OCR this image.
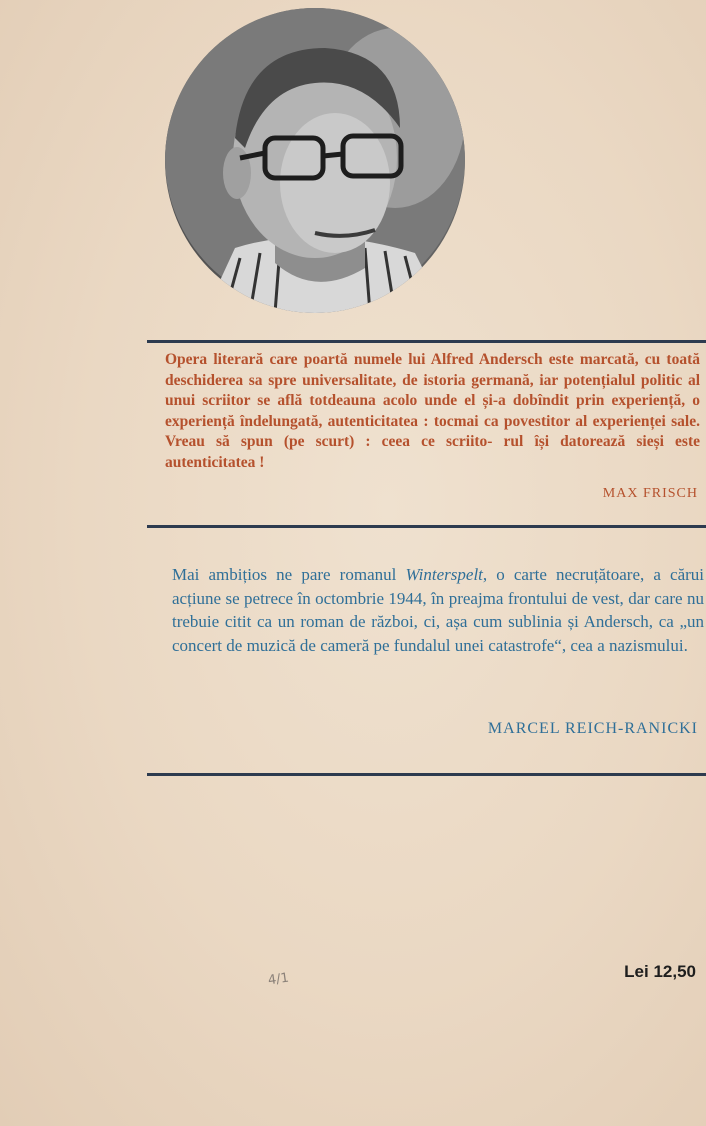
Opera literară care poartă numele lui Alfred Andersch este marcată, cu toată deschiderea sa spre universalitate, de istoria germană, iar potențialul politic al unui scriitor se află totdeauna acolo unde el și-a dobîndit prin experiență, o experiență îndelungată, autenticitatea : tocmai ca povestitor al experienței sale. Vreau să spun (pe scurt) : ceea ce scriito- rul își datorează sieși este autenticitatea !

MAX FRISCH

Mai ambițios ne pare romanul Winterspelt, o carte necruțătoare, a cărui acțiune se petrece în octombrie 1944, în preajma frontului de vest, dar care nu trebuie citit ca un roman de război, ci, așa cum sublinia și Andersch, ca „un concert de muzică de cameră pe fundalul unei catastrofe“, cea a nazismului.

MARCEL REICH-RANICKI

4/1	Lei 12,50
